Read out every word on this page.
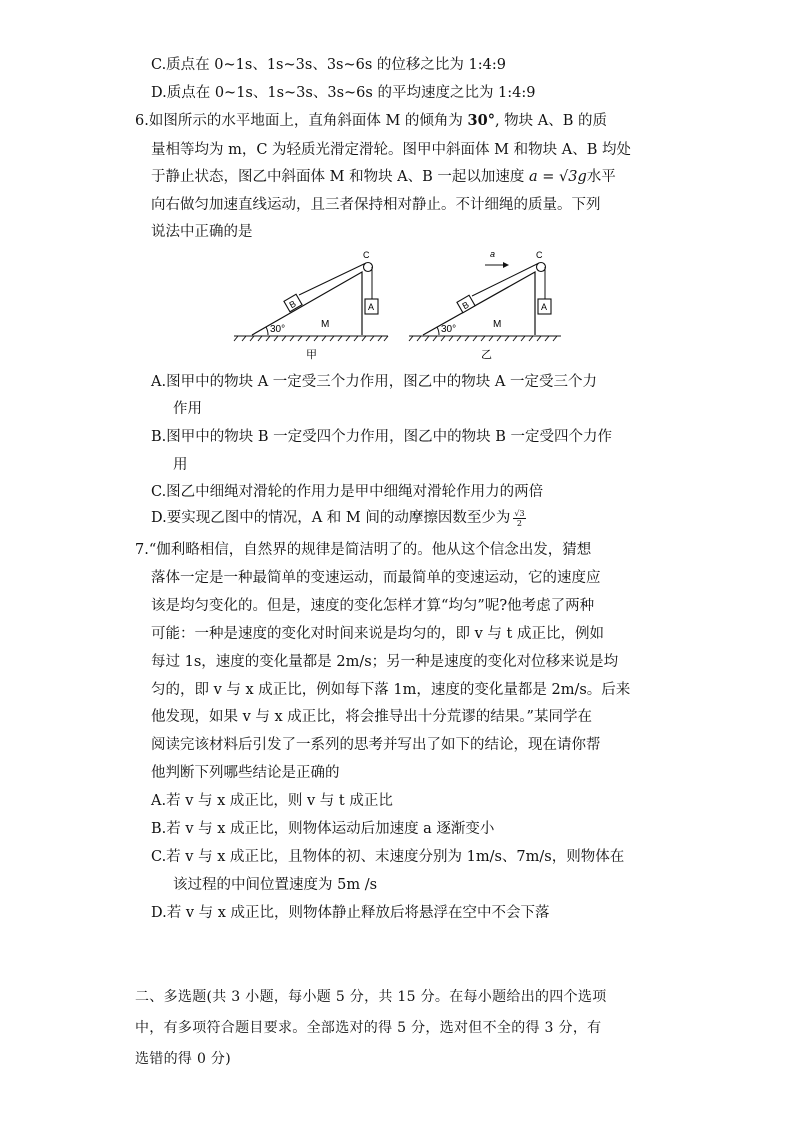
C.质点在 0~1s、1s~3s、3s~6s 的位移之比为 1:4:9
D.质点在 0~1s、1s~3s、3s~6s 的平均速度之比为 1:4:9
6.如图所示的水平地面上，直角斜面体 M 的倾角为 30°, 物块 A、B 的质
量相等均为 m，C 为轻质光滑定滑轮。图甲中斜面体 M 和物块 A、B 均处
于静止状态，图乙中斜面体 M 和物块 A、B 一起以加速度 a = √3g水平
向右做匀加速直线运动，且三者保持相对静止。不计细绳的质量。下列
说法中正确的是
30°	M
B
C
A
甲
30°	M
B
C
A
a
乙
A.图甲中的物块 A 一定受三个力作用，图乙中的物块 A 一定受三个力
作用
B.图甲中的物块 B 一定受四个力作用，图乙中的物块 B 一定受四个力作
用
C.图乙中细绳对滑轮的作用力是甲中细绳对滑轮作用力的两倍
D.要实现乙图中的情况，A 和 M 间的动摩擦因数至少为 $\frac{√3}{2}$
7.“伽利略相信，自然界的规律是简洁明了的。他从这个信念出发，猜想
落体一定是一种最简单的变速运动，而最简单的变速运动，它的速度应
该是均匀变化的。但是，速度的变化怎样才算“均匀”呢?他考虑了两种
可能：一种是速度的变化对时间来说是均匀的，即 v 与 t 成正比，例如
每过 1s，速度的变化量都是 2m/s；另一种是速度的变化对位移来说是均
匀的，即 v 与 x 成正比，例如每下落 1m，速度的变化量都是 2m/s。后来
他发现，如果 v 与 x 成正比，将会推导出十分荒谬的结果。”某同学在
阅读完该材料后引发了一系列的思考并写出了如下的结论，现在请你帮
他判断下列哪些结论是正确的
A.若 v 与 x 成正比，则 v 与 t 成正比
B.若 v 与 x 成正比，则物体运动后加速度 a 逐渐变小
C.若 v 与 x 成正比，且物体的初、末速度分别为 1m/s、7m/s，则物体在
该过程的中间位置速度为 5m /s
D.若 v 与 x 成正比，则物体静止释放后将悬浮在空中不会下落
二、多选题(共 3 小题，每小题 5 分，共 15 分。在每小题给出的四个选项
中，有多项符合题目要求。全部选对的得 5 分，选对但不全的得 3 分，有
选错的得 0 分)
